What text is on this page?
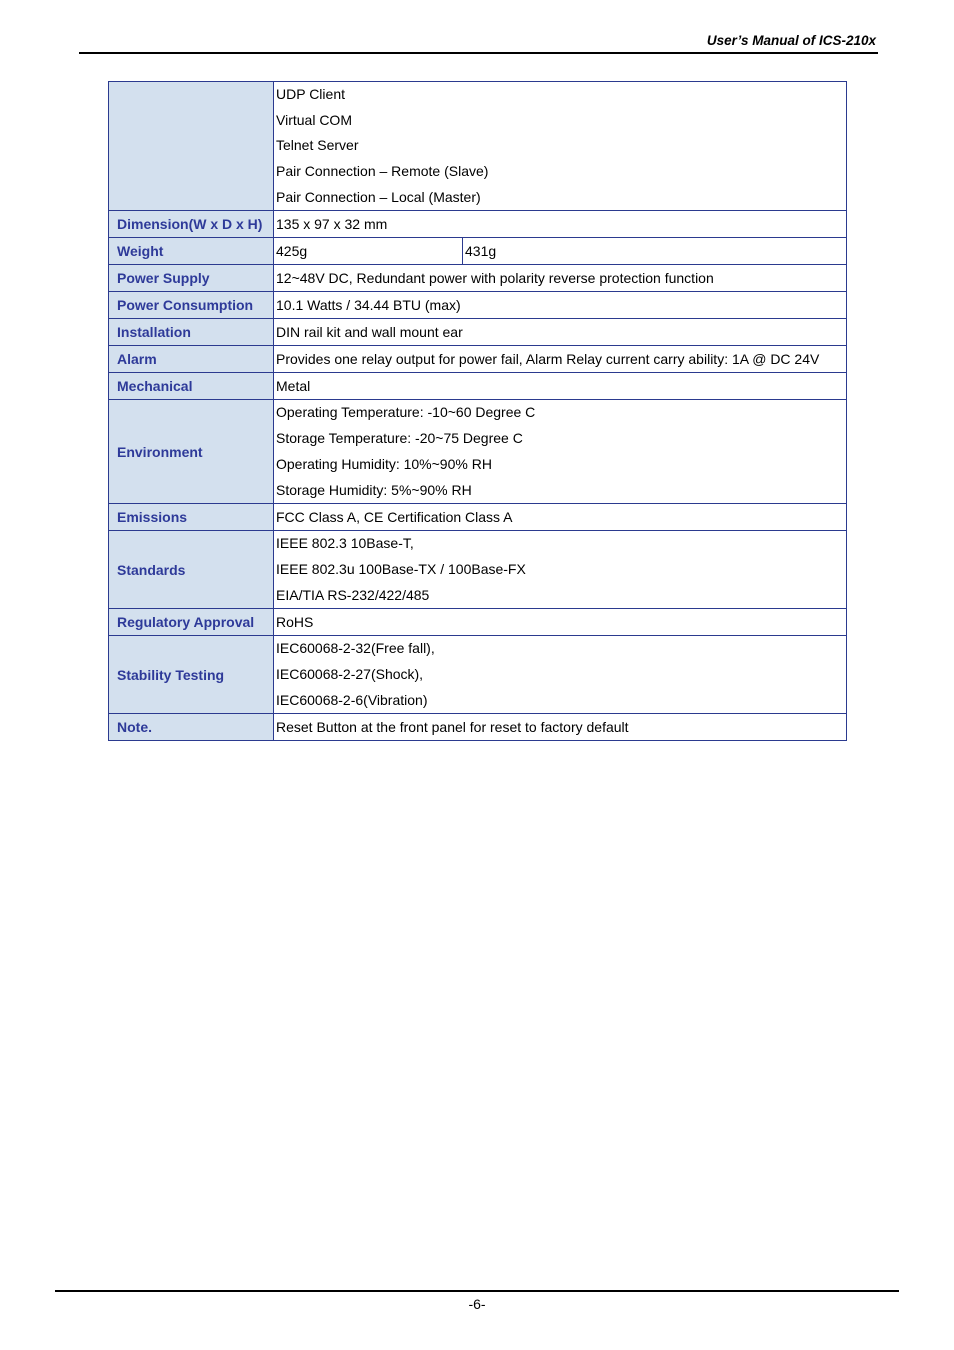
User’s Manual of ICS-210x

	UDP Client
Virtual COM
Telnet Server
Pair Connection – Remote (Slave)
Pair Connection – Local (Master)

Dimension(W x D x H)	135 x 97 x 32 mm

Weight	425g 431g

Power Supply	12~48V DC, Redundant power with polarity reverse protection function

Power Consumption	10.1 Watts / 34.44 BTU (max)

Installation	DIN rail kit and wall mount ear

Alarm	Provides one relay output for power fail, Alarm Relay current carry ability: 1A @ DC 24V

Mechanical	Metal

Environment	Operating Temperature: -10~60 Degree C
Storage Temperature: -20~75 Degree C
Operating Humidity: 10%~90% RH
Storage Humidity: 5%~90% RH

Emissions	FCC Class A, CE Certification Class A

Standards	IEEE 802.3 10Base-T,
IEEE 802.3u 100Base-TX / 100Base-FX
EIA/TIA RS-232/422/485

Regulatory Approval	RoHS

Stability Testing	IEC60068-2-32(Free fall),
IEC60068-2-27(Shock),
IEC60068-2-6(Vibration)

Note.	Reset Button at the front panel for reset to factory default
-6-
